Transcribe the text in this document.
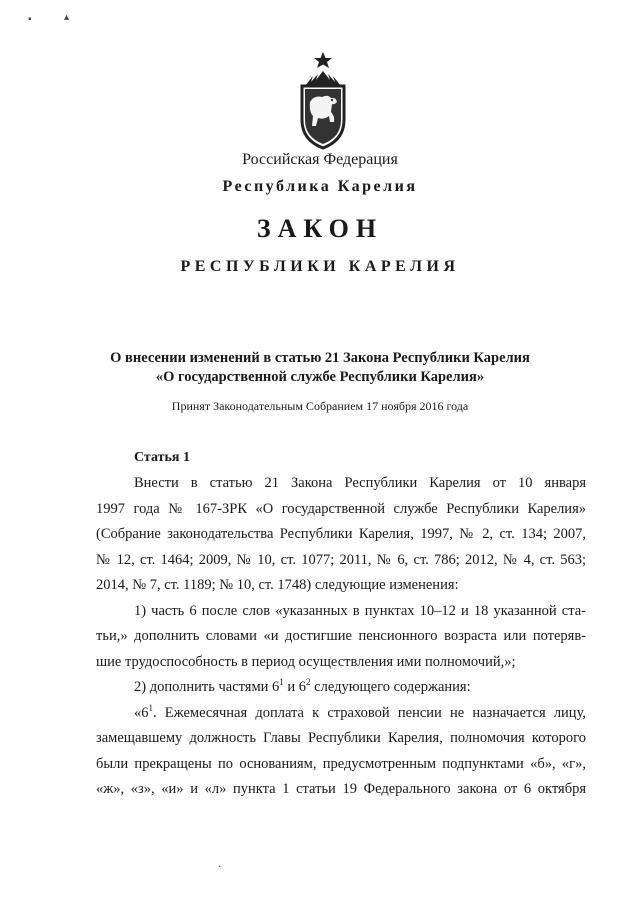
▪	▴
Российская Федерация
Республика Карелия
ЗАКОН
РЕСПУБЛИКИ КАРЕЛИЯ
О внесении изменений в статью 21 Закона Республики Карелия
«О государственной службе Республики Карелия»
Принят Законодательным Собранием 17 ноября 2016 года
Статья 1
Внести в статью 21 Закона Республики Карелия от 10 января
1997 года № 167-ЗРК «О государственной службе Республики Карелия»
(Собрание законодательства Республики Карелия, 1997, № 2, ст. 134; 2007,
№ 12, ст. 1464; 2009, № 10, ст. 1077; 2011, № 6, ст. 786; 2012, № 4, ст. 563;
2014, № 7, ст. 1189; № 10, ст. 1748) следующие изменения:
1) часть 6 после слов «указанных в пунктах 10–12 и 18 указанной ста-
тьи,» дополнить словами «и достигшие пенсионного возраста или потеряв-
шие трудоспособность в период осуществления ими полномочий,»;
2) дополнить частями $6^1$ и $6^2$ следующего содержания:
«$6^1$. Ежемесячная доплата к страховой пенсии не назначается лицу,
замещавшему должность Главы Республики Карелия, полномочия которого
были прекращены по основаниям, предусмотренным подпунктами «б», «г»,
«ж», «з», «и» и «л» пункта 1 статьи 19 Федерального закона от 6 октября
·
